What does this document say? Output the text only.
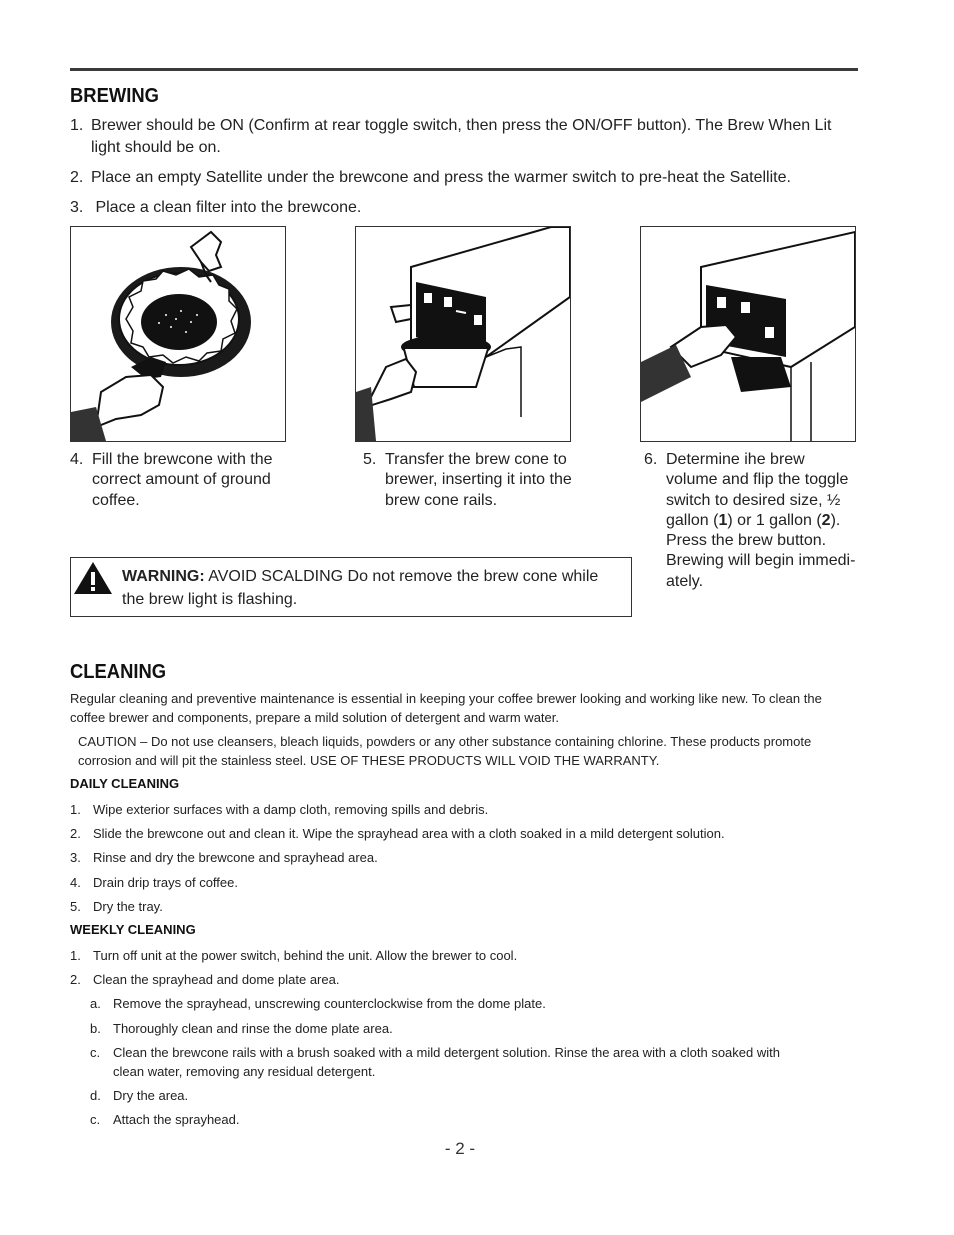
BREWING
1. Brewer should be ON (Confirm at rear toggle switch, then press the ON/OFF button). The Brew When Lit light should be on.
2. Place an empty Satellite under the brewcone and press the warmer switch to pre-heat the Satellite.
3. Place a clean filter into the brewcone.
4. Fill the brewcone with the correct amount of ground coffee.
5. Transfer the brew cone to brewer, inserting it into the brew cone rails.
6. Determine ihe brew volume and flip the toggle switch to desired size, ½ gallon (1) or 1 gallon (2).
Press the brew button. Brewing will begin immedi-ately.
WARNING: AVOID SCALDING Do not remove the brew cone while the brew light is flashing.
CLEANING
Regular cleaning and preventive maintenance is essential in keeping your coffee brewer looking and working like new. To clean the coffee brewer and components, prepare a mild solution of detergent and warm water.
CAUTION – Do not use cleansers, bleach liquids, powders or any other substance containing chlorine. These products promote corrosion and will pit the stainless steel. USE OF THESE PRODUCTS WILL VOID THE WARRANTY.
DAILY CLEANING
1. Wipe exterior surfaces with a damp cloth, removing spills and debris.
2. Slide the brewcone out and clean it. Wipe the sprayhead area with a cloth soaked in a mild detergent solution.
3. Rinse and dry the brewcone and sprayhead area.
4. Drain drip trays of coffee.
5. Dry the tray.
WEEKLY CLEANING
1. Turn off unit at the power switch, behind the unit. Allow the brewer to cool.
2. Clean the sprayhead and dome plate area.
a. Remove the sprayhead, unscrewing counterclockwise from the dome plate.
b. Thoroughly clean and rinse the dome plate area.
c. Clean the brewcone rails with a brush soaked with a mild detergent solution. Rinse the area with a cloth soaked with clean water, removing any residual detergent.
d. Dry the area.
c. Attach the sprayhead.
- 2 -
